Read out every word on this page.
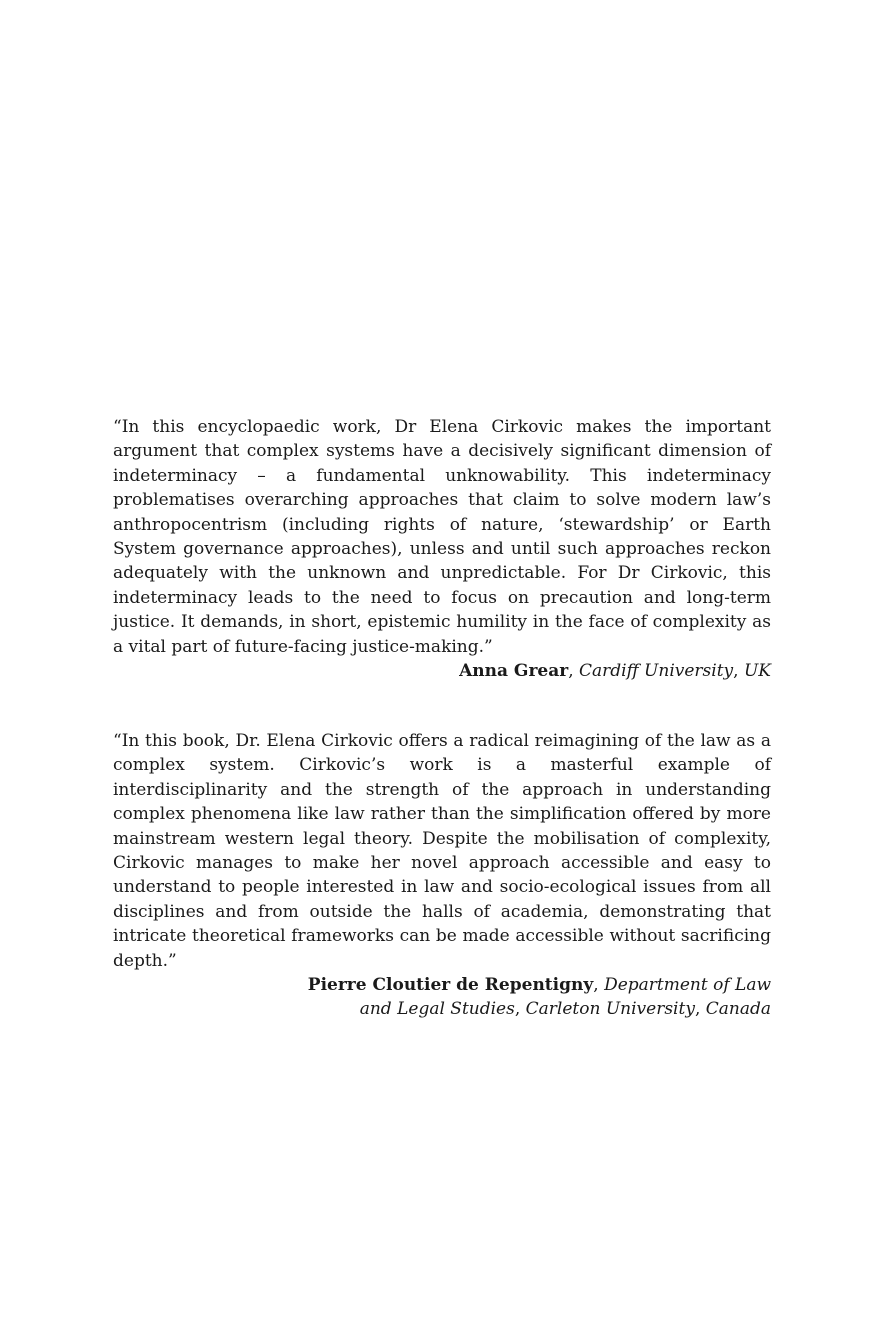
“In this encyclopaedic work, Dr Elena Cirkovic makes the important argument that complex systems have a decisively significant dimension of indeterminacy – a fundamental unknowability. This indeterminacy problematises overarching approaches that claim to solve modern law’s anthropocentrism (including rights of nature, ‘stewardship’ or Earth System governance approaches), unless and until such approaches reckon adequately with the unknown and unpredictable. For Dr Cirkovic, this indeterminacy leads to the need to focus on precaution and long-term justice. It demands, in short, epistemic humility in the face of complexity as a vital part of future-facing justice-making.”

Anna Grear, Cardiff University, UK

“In this book, Dr. Elena Cirkovic offers a radical reimagining of the law as a complex system. Cirkovic’s work is a masterful example of interdisciplinarity and the strength of the approach in understanding complex phenomena like law rather than the simplification offered by more mainstream western legal theory. Despite the mobilisation of complexity, Cirkovic manages to make her novel approach accessible and easy to understand to people interested in law and socio-ecological issues from all disciplines and from outside the halls of academia, demonstrating that intricate theoretical frameworks can be made accessible without sacrificing depth.”

Pierre Cloutier de Repentigny, Department of Law
and Legal Studies, Carleton University, Canada
